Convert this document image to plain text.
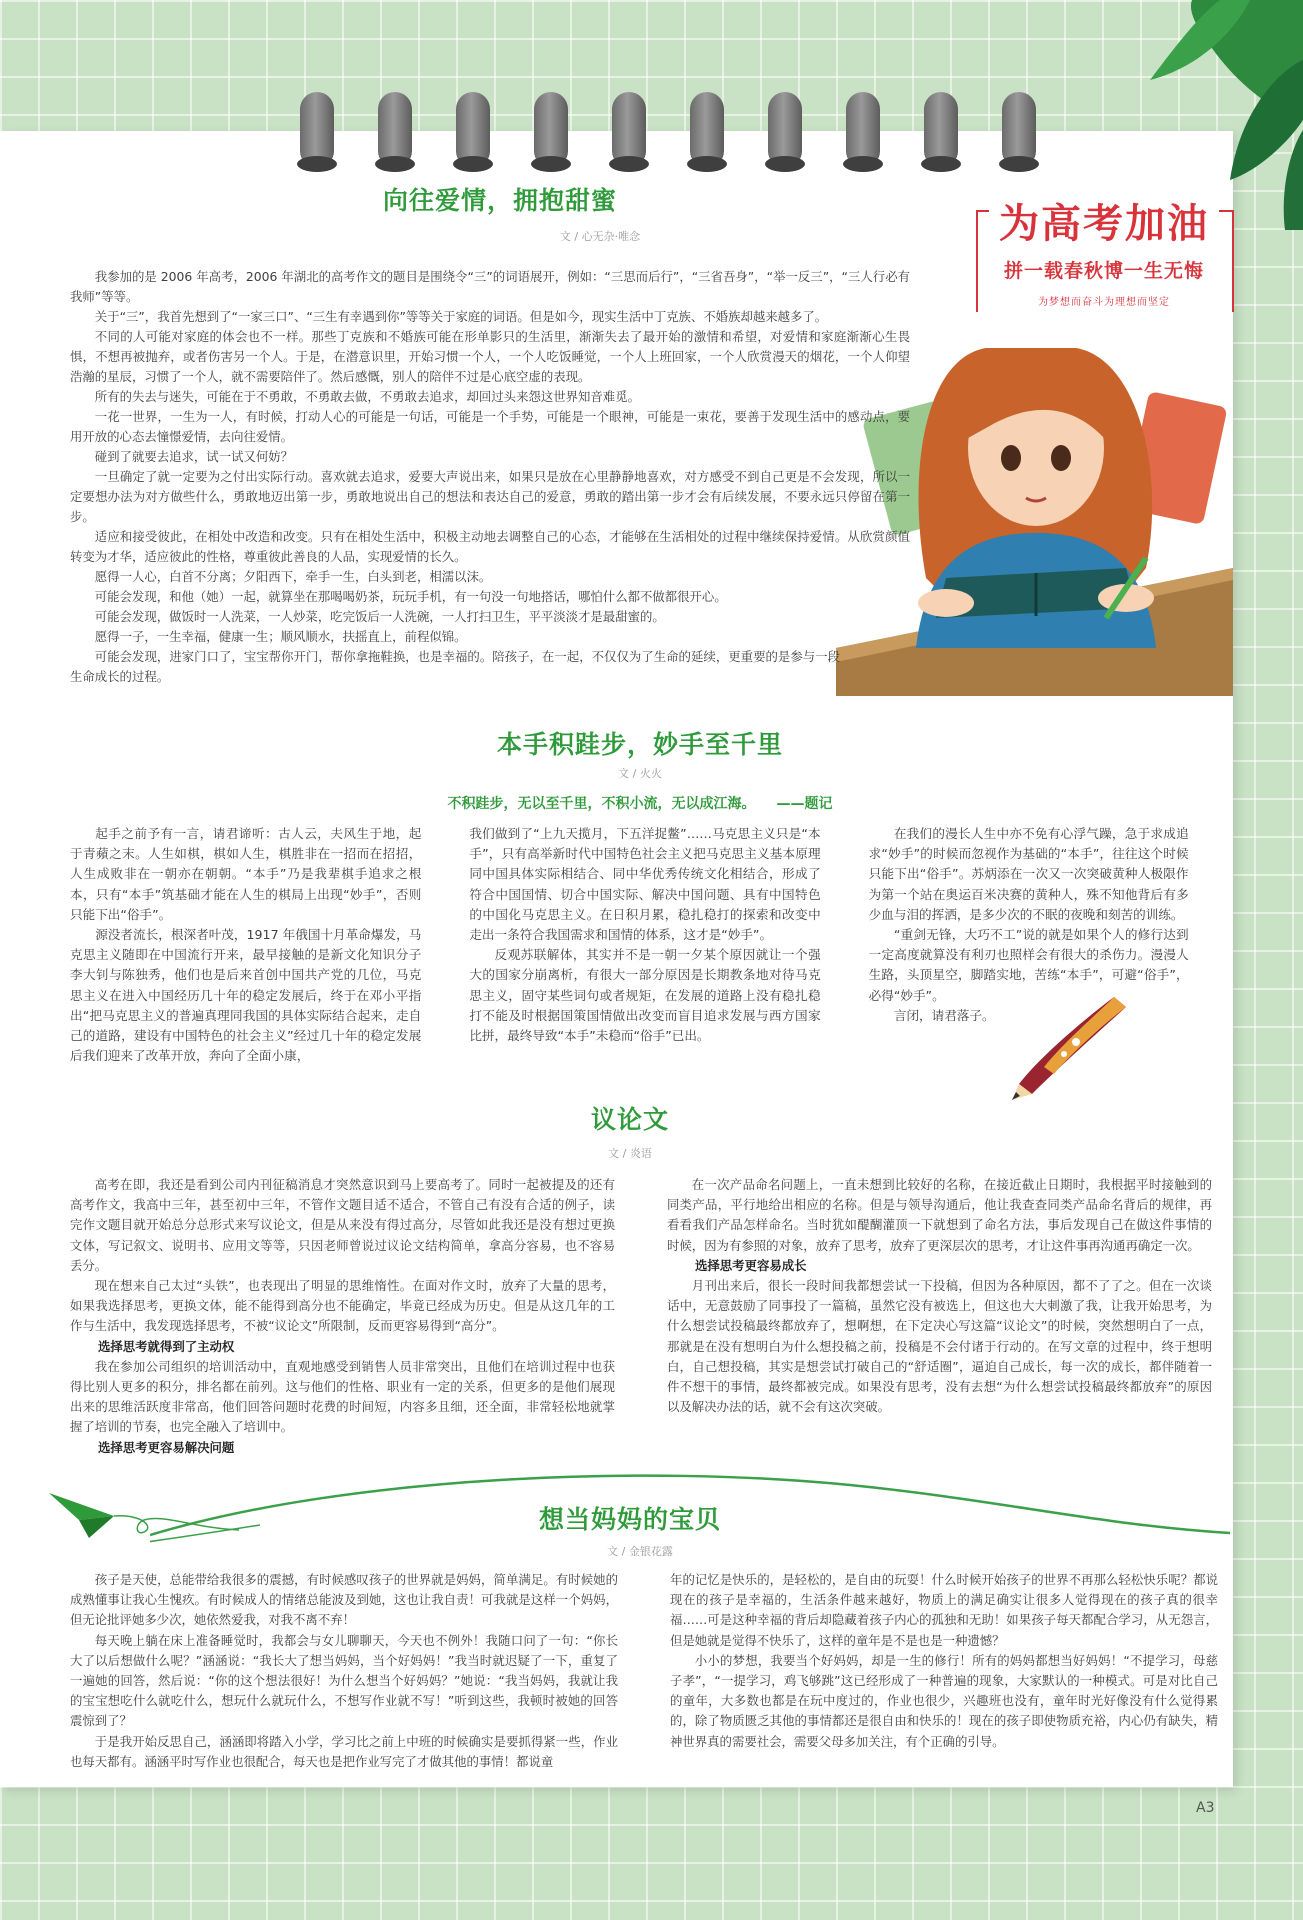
为高考加油
拼一载春秋博一生无悔
为梦想而奋斗为理想而坚定
向往爱情，拥抱甜蜜
文 / 心无杂·唯念

我参加的是 2006 年高考，2006 年湖北的高考作文的题目是围绕令“三”的词语展开，例如：“三思而后行”，“三省吾身”，“举一反三”，“三人行必有我师”等等。

关于“三”，我首先想到了“一家三口”、“三生有幸遇到你”等等关于家庭的词语。但是如今，现实生活中丁克族、不婚族却越来越多了。

不同的人可能对家庭的体会也不一样。那些丁克族和不婚族可能在形单影只的生活里，渐渐失去了最开始的激情和希望，对爱情和家庭渐渐心生畏惧，不想再被抛弃，或者伤害另一个人。于是，在潜意识里，开始习惯一个人，一个人吃饭睡觉，一个人上班回家，一个人欣赏漫天的烟花，一个人仰望浩瀚的星辰，习惯了一个人，就不需要陪伴了。然后感慨，别人的陪伴不过是心底空虚的表现。

所有的失去与迷失，可能在于不勇敢，不勇敢去做，不勇敢去追求，却回过头来怨这世界知音难觅。

一花一世界，一生为一人，有时候，打动人心的可能是一句话，可能是一个手势，可能是一个眼神，可能是一束花，要善于发现生活中的感动点，要用开放的心态去憧憬爱情，去向往爱情。

碰到了就要去追求，试一试又何妨？

一旦确定了就一定要为之付出实际行动。喜欢就去追求，爱要大声说出来，如果只是放在心里静静地喜欢，对方感受不到自己更是不会发现，所以一定要想办法为对方做些什么，勇敢地迈出第一步，勇敢地说出自己的想法和表达自己的爱意，勇敢的踏出第一步才会有后续发展，不要永远只停留在第一步。

适应和接受彼此，在相处中改造和改变。只有在相处生活中，积极主动地去调整自己的心态，才能够在生活相处的过程中继续保持爱情。从欣赏颜值转变为才华，适应彼此的性格，尊重彼此善良的人品，实现爱情的长久。

愿得一人心，白首不分离；夕阳西下，牵手一生，白头到老，相濡以沫。

可能会发现，和他（她）一起，就算坐在那喝喝奶茶，玩玩手机，有一句没一句地搭话，哪怕什么都不做都很开心。

可能会发现，做饭时一人洗菜，一人炒菜，吃完饭后一人洗碗，一人打扫卫生，平平淡淡才是最甜蜜的。

愿得一子，一生幸福，健康一生；顺风顺水，扶摇直上，前程似锦。

可能会发现，进家门口了，宝宝帮你开门，帮你拿拖鞋换，也是幸福的。陪孩子，在一起，不仅仅为了生命的延续，更重要的是参与一段生命成长的过程。

本手积跬步，妙手至千里
文 / 火火
不积跬步，无以至千里，不积小流，无以成江海。　　——题记

起手之前予有一言，请君谛听：古人云，夫风生于地，起于青蘋之末。人生如棋，棋如人生，棋胜非在一招而在招招，人生成败非在一朝亦在朝朝。“本手”乃是我辈棋手追求之根本，只有“本手”筑基础才能在人生的棋局上出现“妙手”，否则只能下出“俗手”。

源没者流长，根深者叶茂，1917 年俄国十月革命爆发，马克思主义随即在中国流行开来，最早接触的是新文化知识分子李大钊与陈独秀，他们也是后来首创中国共产党的几位，马克思主义在进入中国经历几十年的稳定发展后，终于在邓小平指出“把马克思主义的普遍真理同我国的具体实际结合起来，走自己的道路，建设有中国特色的社会主义”经过几十年的稳定发展后我们迎来了改革开放，奔向了全面小康，

我们做到了“上九天揽月，下五洋捉鳖”……马克思主义只是“本手”，只有高举新时代中国特色社会主义把马克思主义基本原理同中国具体实际相结合、同中华优秀传统文化相结合，形成了符合中国国情、切合中国实际、解决中国问题、具有中国特色的中国化马克思主义。在日积月累，稳扎稳打的探索和改变中走出一条符合我国需求和国情的体系，这才是“妙手”。

反观苏联解体，其实并不是一朝一夕某个原因就让一个强大的国家分崩离析，有很大一部分原因是长期教条地对待马克思主义，固守某些词句或者规矩，在发展的道路上没有稳扎稳打不能及时根据国策国情做出改变而盲目追求发展与西方国家比拼，最终导致“本手”未稳而“俗手”已出。

在我们的漫长人生中亦不免有心浮气躁，急于求成追求“妙手”的时候而忽视作为基础的“本手”，往往这个时候只能下出“俗手”。苏炳添在一次又一次突破黄种人极限作为第一个站在奥运百米决赛的黄种人，殊不知他背后有多少血与泪的挥洒，是多少次的不眠的夜晚和刻苦的训练。

“重剑无锋，大巧不工”说的就是如果个人的修行达到一定高度就算没有利刃也照样会有很大的杀伤力。漫漫人生路，头顶星空，脚踏实地，苦练“本手”，可避“俗手”，必得“妙手”。

言闭，请君落子。

议论文
文 / 炎语

高考在即，我还是看到公司内刊征稿消息才突然意识到马上要高考了。同时一起被提及的还有高考作文，我高中三年，甚至初中三年，不管作文题目适不适合，不管自己有没有合适的例子，读完作文题目就开始总分总形式来写议论文，但是从来没有得过高分，尽管如此我还是没有想过更换文体，写记叙文、说明书、应用文等等，只因老师曾说过议论文结构简单，拿高分容易，也不容易丢分。

现在想来自己太过“头铁”，也表现出了明显的思维惰性。在面对作文时，放弃了大量的思考，如果我选择思考，更换文体，能不能得到高分也不能确定，毕竟已经成为历史。但是从这几年的工作与生活中，我发现选择思考，不被“议论文”所限制，反而更容易得到“高分”。

选择思考就得到了主动权

我在参加公司组织的培训活动中，直观地感受到销售人员非常突出，且他们在培训过程中也获得比别人更多的积分，排名都在前列。这与他们的性格、职业有一定的关系，但更多的是他们展现出来的思维活跃度非常高，他们回答问题时花费的时间短，内容多且细，还全面，非常轻松地就掌握了培训的节奏，也完全融入了培训中。

选择思考更容易解决问题

在一次产品命名问题上，一直未想到比较好的名称，在接近截止日期时，我根据平时接触到的同类产品，平行地给出相应的名称。但是与领导沟通后，他让我查查同类产品命名背后的规律，再看看我们产品怎样命名。当时犹如醍醐灌顶一下就想到了命名方法，事后发现自己在做这件事情的时候，因为有参照的对象，放弃了思考，放弃了更深层次的思考，才让这件事再沟通再确定一次。

选择思考更容易成长

月刊出来后，很长一段时间我都想尝试一下投稿，但因为各种原因，都不了了之。但在一次谈话中，无意鼓励了同事投了一篇稿，虽然它没有被选上，但这也大大刺激了我，让我开始思考，为什么想尝试投稿最终都放弃了，想啊想，在下定决心写这篇“议论文”的时候，突然想明白了一点，那就是在没有想明白为什么想投稿之前，投稿是不会付诸于行动的。在写文章的过程中，终于想明白，自己想投稿，其实是想尝试打破自己的“舒适圈”，逼迫自己成长，每一次的成长，都伴随着一件不想干的事情，最终都被完成。如果没有思考，没有去想“为什么想尝试投稿最终都放弃”的原因以及解决办法的话，就不会有这次突破。

想当妈妈的宝贝
文 / 金银花露

孩子是天使，总能带给我很多的震撼，有时候感叹孩子的世界就是妈妈，简单满足。有时候她的成熟懂事让我心生愧疚。有时候成人的情绪总能波及到她，这也让我自责！可我就是这样一个妈妈，但无论批评她多少次，她依然爱我，对我不离不弃！

每天晚上躺在床上准备睡觉时，我都会与女儿聊聊天，今天也不例外！我随口问了一句：“你长大了以后想做什么呢？”涵涵说：“我长大了想当妈妈，当个好妈妈！”我当时就迟疑了一下，重复了一遍她的回答，然后说：“你的这个想法很好！为什么想当个好妈妈？”她说：“我当妈妈，我就让我的宝宝想吃什么就吃什么，想玩什么就玩什么，不想写作业就不写！”听到这些，我顿时被她的回答震惊到了？

于是我开始反思自己，涵涵即将踏入小学，学习比之前上中班的时候确实是要抓得紧一些，作业也每天都有。涵涵平时写作业也很配合，每天也是把作业写完了才做其他的事情！都说童

年的记忆是快乐的，是轻松的，是自由的玩耍！什么时候开始孩子的世界不再那么轻松快乐呢？都说现在的孩子是幸福的，生活条件越来越好，物质上的满足确实让很多人觉得现在的孩子真的很幸福……可是这种幸福的背后却隐藏着孩子内心的孤独和无助！如果孩子每天都配合学习，从无怨言，但是她就是觉得不快乐了，这样的童年是不是也是一种遗憾？

小小的梦想，我要当个好妈妈，却是一生的修行！所有的妈妈都想当好妈妈！“不提学习，母慈子孝”，“一提学习，鸡飞够跳”这已经形成了一种普遍的现象，大家默认的一种模式。可是对比自己的童年，大多数也都是在玩中度过的，作业也很少，兴趣班也没有，童年时光好像没有什么觉得累的，除了物质匮乏其他的事情都还是很自由和快乐的！现在的孩子即使物质充裕，内心仍有缺失，精神世界真的需要社会，需要父母多加关注，有个正确的引导。

A3
